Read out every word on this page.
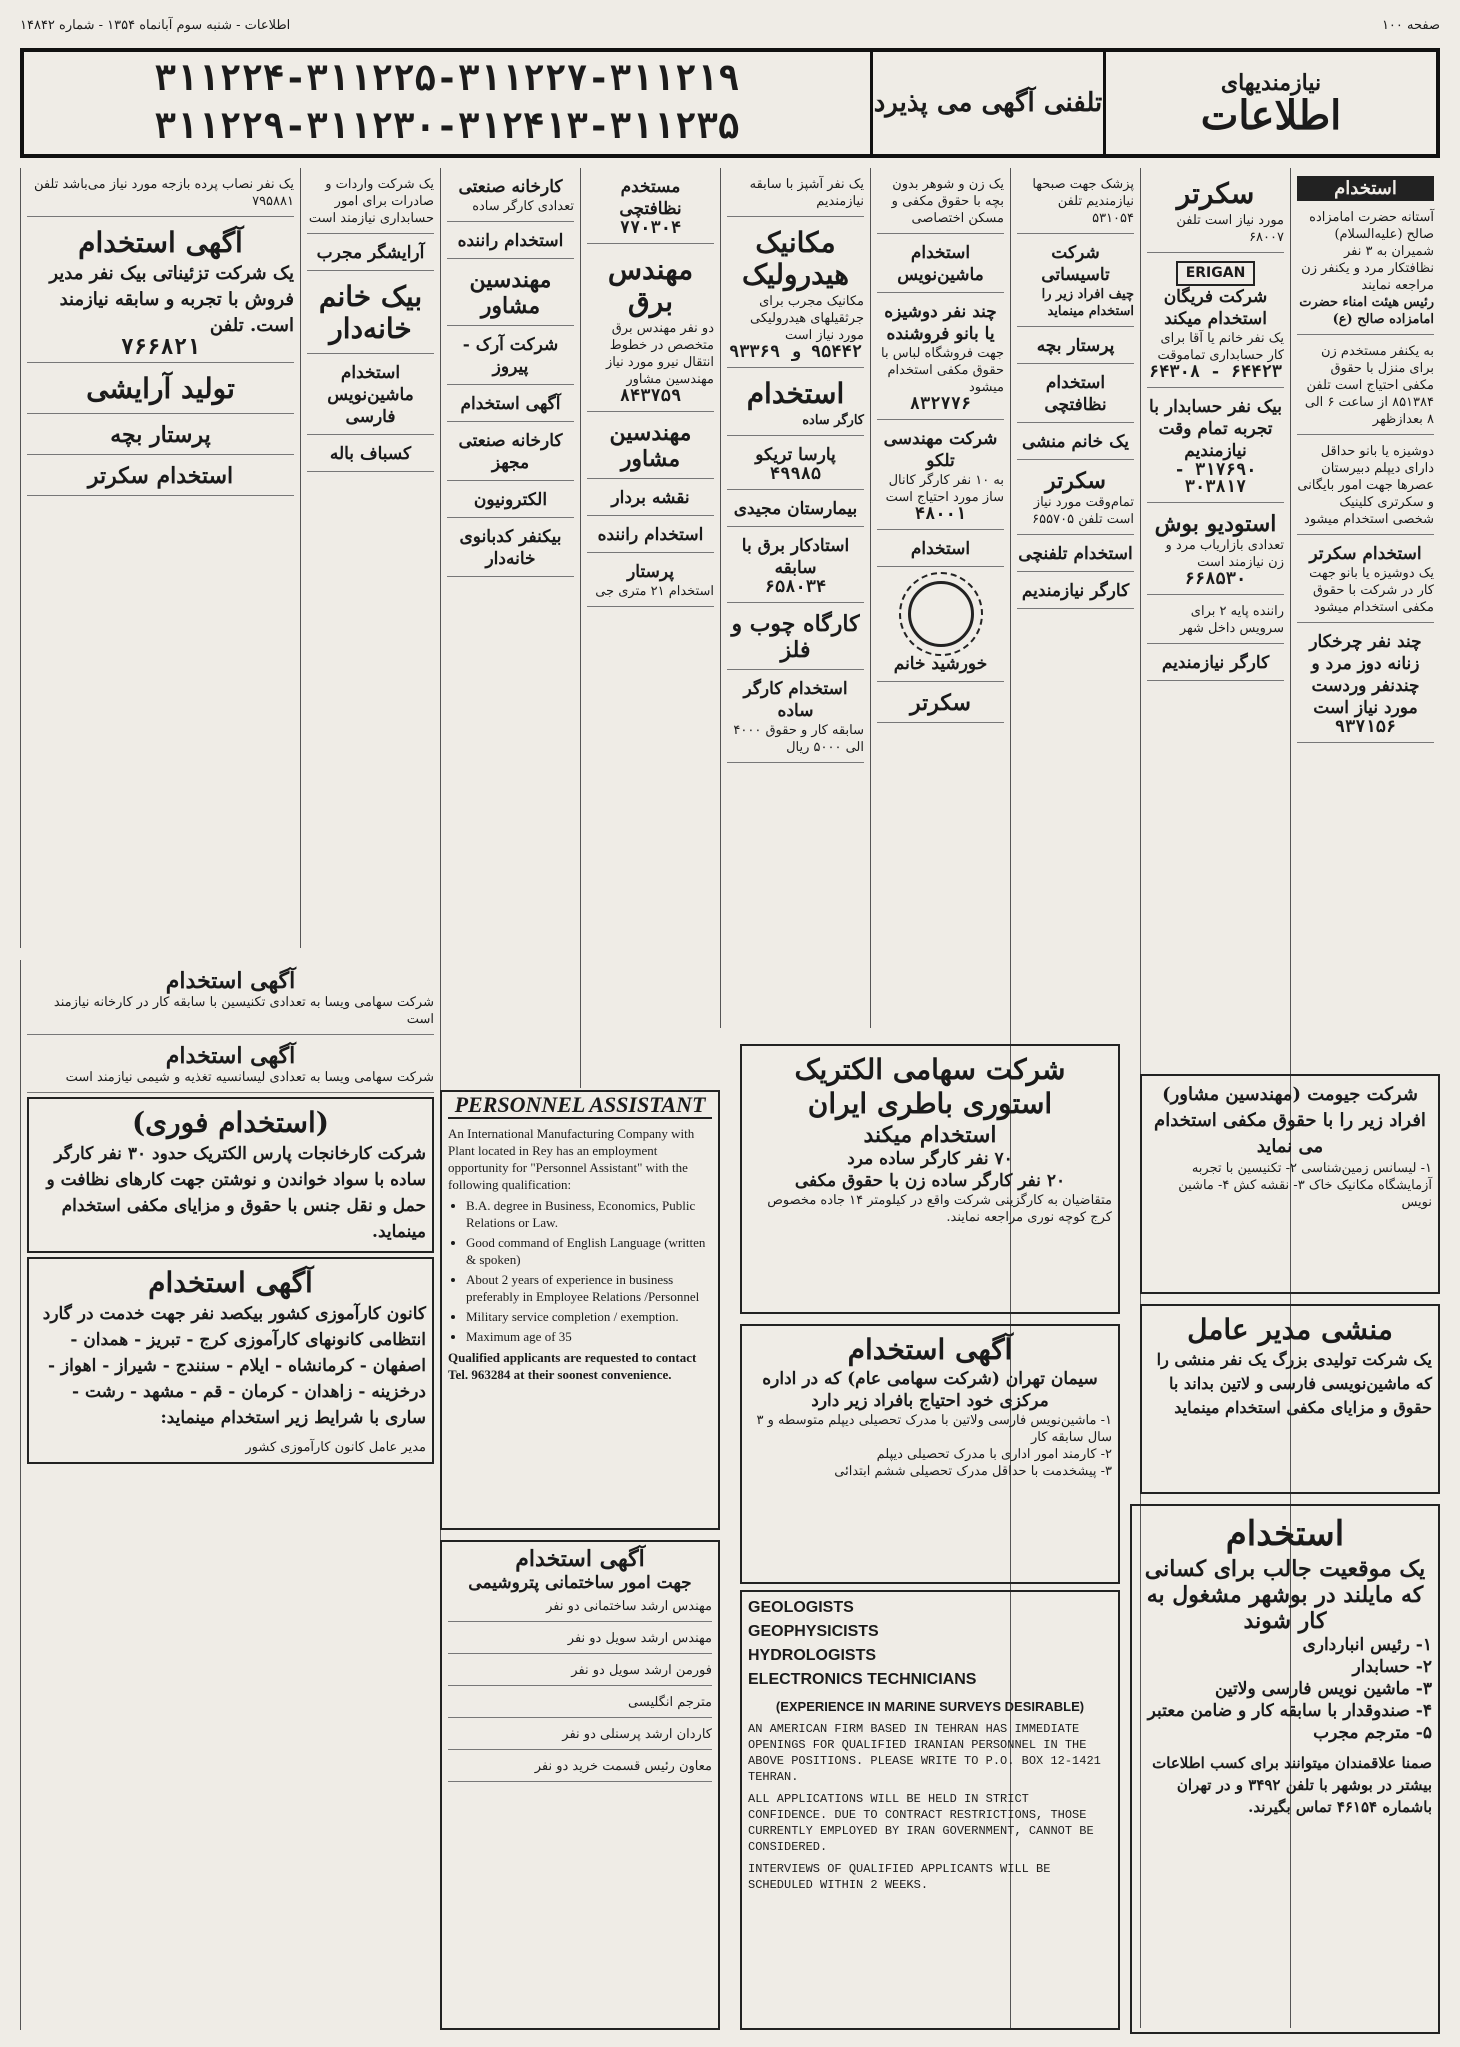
صفحه ۱۰۰
اطلاعات - شنبه سوم آبانماه ۱۳۵۴ - شماره ۱۴۸۴۲
نیازمندیهای
اطلاعات
تلفنی آگهی می پذیرد
۳۱۱۲۲۴-۳۱۱۲۲۵-۳۱۱۲۲۷-۳۱۱۲۱۹
۳۱۱۲۲۹-۳۱۱۲۳۰-۳۱۲۴۱۳-۳۱۱۲۳۵
استخدام
آستانه حضرت امامزاده صالح (علیه‌السلام) شمیران به ۳ نفر نظافتکار مرد و یکنفر زن مراجعه نمایند
رئیس هیئت امناء حضرت امامزاده صالح (ع)
به یکنفر مستخدم زن برای منزل با حقوق مکفی احتیاج است تلفن ۸۵۱۳۸۴ از ساعت ۶ الی ۸ بعدازظهر
دوشیزه یا بانو حداقل دارای دیپلم دبیرستان عصرها جهت امور بایگانی و سکرتری کلینیک شخصی استخدام میشود
استخدام سکرتر
یک دوشیزه یا بانو جهت کار در شرکت با حقوق مکفی استخدام میشود
چند نفر چرخکار زنانه دوز مرد و چندنفر وردست مورد نیاز است
۹۳۷۱۵۶
سکرتر
مورد نیاز است تلفن ۶۸۰۰۷
ERIGAN
شرکت فریگان استخدام میکند
یک نفر خانم یا آقا برای کار حسابداری تماموقت
۶۴۴۲۳ - ۶۴۳۰۸
بیک نفر حسابدار با تجربه تمام وقت نیازمندیم
۳۱۷۶۹۰ - ۳۰۳۸۱۷
استودیو بوش
تعدادی بازاریاب مرد و زن نیازمند است
۶۶۸۵۳۰
راننده پایه ۲ برای سرویس داخل شهر
کارگر نیازمندیم
پزشک جهت صبحها نیازمندیم تلفن ۵۳۱۰۵۴
شرکت تاسیساتی
چیف افراد زیر را استخدام مینماید
پرستار بچه
استخدام نظافتچی
یک خانم منشی
سکرتر
تمام‌وقت مورد نیاز است تلفن ۶۵۵۷۰۵
استخدام تلفنچی
کارگر نیازمندیم
یک زن و شوهر بدون بچه با حقوق مکفی و مسکن اختصاصی
استخدام ماشین‌نویس
چند نفر دوشیزه یا بانو فروشنده
جهت فروشگاه لباس با حقوق مکفی استخدام میشود
۸۳۲۷۷۶
شرکت مهندسی تلکو
به ۱۰ نفر کارگر کانال ساز مورد احتیاج است
۴۸۰۰۱
استخدام
خورشید خانم
سکرتر
یک نفر آشپز با سابقه نیازمندیم
مکانیک هیدرولیک
مکانیک مجرب برای جرثقیلهای هیدرولیکی مورد نیاز است
۹۵۴۴۲ و ۹۳۳۶۹
استخدام
کارگر ساده
پارسا تریکو
۴۹۹۸۵
بیمارستان مجیدی
استادکار برق با سابقه
۶۵۸۰۳۴
کارگاه چوب و فلز
استخدام کارگر ساده
سابقه کار و حقوق ۴۰۰۰ الی ۵۰۰۰ ریال
مستخدم نظافتچی
۷۷۰۳۰۴
مهندس برق
دو نفر مهندس برق متخصص در خطوط انتقال نیرو مورد نیاز مهندسین مشاور
۸۴۳۷۵۹
مهندسین مشاور
نقشه بردار
استخدام راننده
پرستار
استخدام ۲۱ متری جی
کارخانه صنعتی
تعدادی کارگر ساده
استخدام راننده
مهندسین مشاور
شرکت آرک - پیروز
آگهی استخدام
کارخانه صنعتی مجهز
الکترونیون
بیکنفر کدبانوی خانه‌دار
یک شرکت واردات و صادرات برای امور حسابداری نیازمند است
آرایشگر مجرب
بیک خانم خانه‌دار
استخدام ماشین‌نویس فارسی
کسباف باله
یک نفر نصاب پرده بازجه مورد نیاز می‌باشد تلفن ۷۹۵۸۸۱
آگهی استخدام
یک شرکت تزئیناتی بیک نفر مدیر فروش با تجربه و سابقه نیازمند است. تلفن
۷۶۶۸۲۱
تولید آرایشی
پرستار بچه
استخدام سکرتر
آگهی استخدام
شرکت سهامی ویسا به تعدادی تکنیسین با سابقه کار در کارخانه نیازمند است
آگهی استخدام
شرکت سهامی ویسا به تعدادی لیسانسیه تغذیه و شیمی نیازمند است
(استخدام فوری)
شرکت کارخانجات پارس الکتریک حدود ۳۰ نفر کارگر ساده با سواد خواندن و نوشتن جهت کارهای نظافت و حمل و نقل جنس با حقوق و مزایای مکفی استخدام مینماید.
آگهی استخدام
کانون کارآموزی کشور بیکصد نفر جهت خدمت در گارد انتظامی کانونهای کارآموزی کرج - تبریز - همدان - اصفهان - کرمانشاه - ایلام - سنندج - شیراز - اهواز - درخزینه - زاهدان - کرمان - قم - مشهد - رشت - ساری با شرایط زیر استخدام مینماید:
مدیر عامل کانون کارآموزی کشور
PERSONNEL ASSISTANT
An International Manufacturing Company with Plant located in Rey has an employment opportunity for "Personnel Assistant" with the following qualification:
• B.A. degree in Business, Economics, Public Relations or Law.
• Good command of English Language (written & spoken)
• About 2 years of experience in business preferably in Employee Relations /Personnel
• Military service completion / exemption.
• Maximum age of 35
Qualified applicants are requested to contact Tel. 963284 at their soonest convenience.
آگهی استخدام
جهت امور ساختمانی پتروشیمی
مهندس ارشد ساختمانی دو نفر
مهندس ارشد سویل دو نفر
فورمن ارشد سویل دو نفر
مترجم انگلیسی
کاردان ارشد پرسنلی دو نفر
معاون رئیس قسمت خرید دو نفر
شرکت سهامی الکتریک
استوری باطری ایران
استخدام میکند
۷۰ نفر کارگر ساده مرد
۲۰ نفر کارگر ساده زن با حقوق مکفی
متقاضیان به کارگزینی شرکت واقع در کیلومتر ۱۴ جاده مخصوص کرج کوچه نوری مراجعه نمایند.
آگهی استخدام
سیمان تهران (شرکت سهامی عام) که در اداره مرکزی خود احتیاج بافراد زیر دارد
۱- ماشین‌نویس فارسی ولاتین با مدرک تحصیلی دیپلم متوسطه و ۳ سال سابقه کار
۲- کارمند امور اداری با مدرک تحصیلی دیپلم
۳- پیشخدمت با حداقل مدرک تحصیلی ششم ابتدائی
GEOLOGISTS
GEOPHYSICISTS
HYDROLOGISTS
ELECTRONICS TECHNICIANS
(EXPERIENCE IN MARINE SURVEYS DESIRABLE)
AN AMERICAN FIRM BASED IN TEHRAN HAS IMMEDIATE OPENINGS FOR QUALIFIED IRANIAN PERSONNEL IN THE ABOVE POSITIONS. PLEASE WRITE TO P.O. BOX 12-1421 TEHRAN.
ALL APPLICATIONS WILL BE HELD IN STRICT CONFIDENCE. DUE TO CONTRACT RESTRICTIONS, THOSE CURRENTLY EMPLOYED BY IRAN GOVERNMENT, CANNOT BE CONSIDERED.
INTERVIEWS OF QUALIFIED APPLICANTS WILL BE SCHEDULED WITHIN 2 WEEKS.
شرکت جیومت (مهندسین مشاور) افراد زیر را با حقوق مکفی استخدام می نماید
۱- لیسانس زمین‌شناسی ۲- تکنیسین با تجربه آزمایشگاه مکانیک خاک ۳- نقشه کش ۴- ماشین نویس
منشی مدیر عامل
یک شرکت تولیدی بزرگ یک نفر منشی را که ماشین‌نویسی فارسی و لاتین بداند با حقوق و مزایای مکفی استخدام مینماید
استخدام
یک موقعیت جالب برای کسانی که مایلند در بوشهر مشغول به کار شوند
۱- رئیس انبارداری
۲- حسابدار
۳- ماشین نویس فارسی ولاتین
۴- صندوقدار با سابقه کار و ضامن معتبر
۵- مترجم مجرب
صمنا علاقمندان میتوانند برای کسب اطلاعات بیشتر در بوشهر با تلفن ۳۴۹۲ و در تهران باشماره ۴۶۱۵۴ تماس بگیرند.
